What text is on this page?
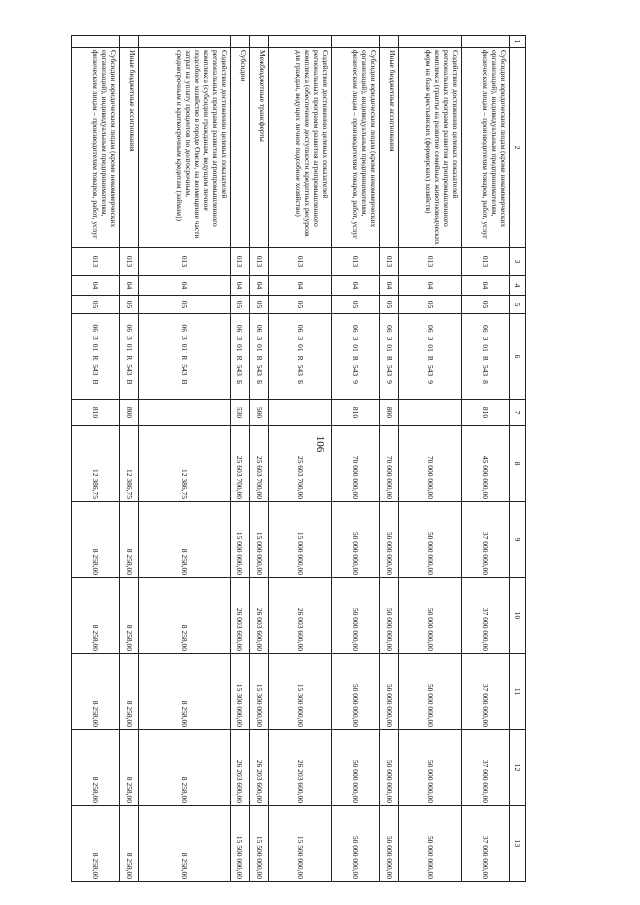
106
1	2	3	4	5	6	7	8	9	10	11	12	13
	Субсидии юридическим лицам (кроме некоммерческих организаций), индивидуальным предпринимателям, физическим лицам – производителям товаров, работ, услуг	013	04	05	06301R5438	810	45 000 000,00	37 000 000,00	37 000 000,00	37 000 000,00	37 000 000,00	37 000 000,00
	Содействие достижению целевых показателей региональных программ развития агропромышленного комплекса (гранты на развитие семейных животноводческих ферм на базе крестьянских (фермерских) хозяйств)	013	04	05	06301R5439		70 000 000,00	50 000 000,00	50 000 000,00	50 000 000,00	50 000 000,00	50 000 000,00
	Иные бюджетные ассигнования	013	04	05	06301R5439	800	70 000 000,00	50 000 000,00	50 000 000,00	50 000 000,00	50 000 000,00	50 000 000,00
	Субсидии юридическим лицам (кроме некоммерческих организаций), индивидуальным предпринимателям, физическим лицам – производителям товаров, работ, услуг	013	04	05	06301R5439	810	70 000 000,00	50 000 000,00	50 000 000,00	50 000 000,00	50 000 000,00	50 000 000,00
	Содействие достижению целевых показателей региональных программ развития агропромышленного комплекса (обеспечение доступности кредитных ресурсов для граждан, ведущих личное подсобное хозяйство)	013	04	05	06301R543Б		25 603 700,00	15 000 000,00	26 003 600,00	15 300 000,00	26 203 600,00	15 500 000,00
	Межбюджетные трансферты	013	04	05	06301R543Б	500	25 603 700,00	15 000 000,00	26 003 600,00	15 300 000,00	26 203 600,00	15 500 000,00
	Субсидии	013	04	05	06301R543Б	530	25 603 700,00	15 000 000,00	26 003 600,00	15 300 000,00	26 203 600,00	15 500 000,00
	Содействие достижению целевых показателей региональных программ развития агропромышленного комплекса (субсидии гражданам, ведущим личное подсобное хозяйство в городе Омске, на возмещение части затрат на уплату процентов по долгосрочным, среднесрочным и краткосрочным кредитам (займам))	013	04	05	06301R543В		12 386,75	8 258,00	8 258,00	8 258,00	8 258,00	8 258,00
	Иные бюджетные ассигнования	013	04	05	06301R543В	800	12 386,75	8 258,00	8 258,00	8 258,00	8 258,00	8 258,00
	Субсидии юридическим лицам (кроме некоммерческих организаций), индивидуальным предпринимателям, физическим лицам – производителям товаров, работ, услуг	013	04	05	06301R543В	810	12 386,75	8 258,00	8 258,00	8 258,00	8 258,00	8 258,00
